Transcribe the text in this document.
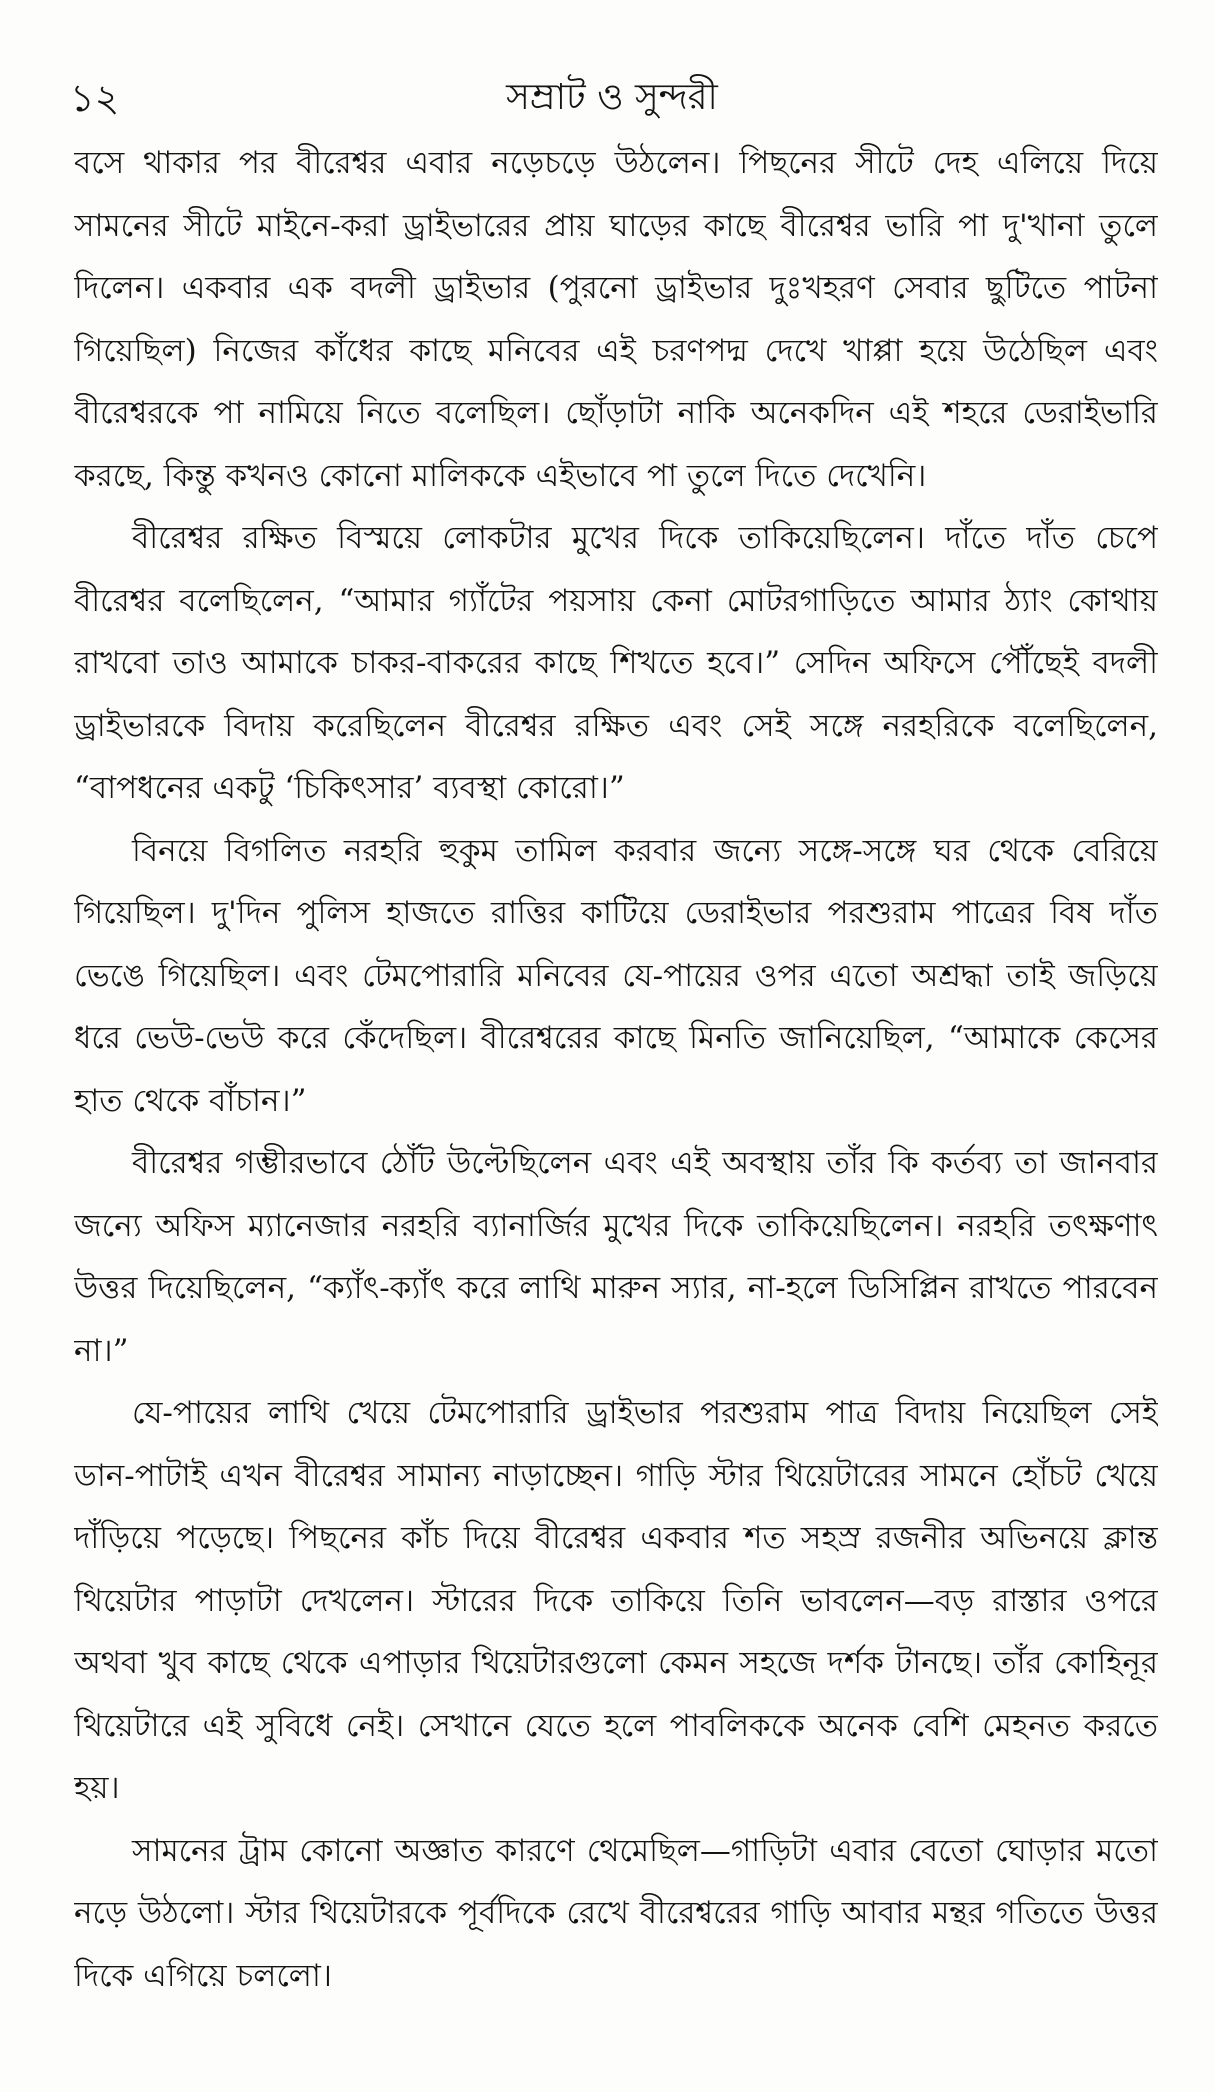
১২	সম্রাট ও সুন্দরী

বসে থাকার পর বীরেশ্বর এবার নড়েচড়ে উঠলেন। পিছনের সীটে দেহ এলিয়ে দিয়ে সামনের সীটে মাইনে-করা ড্রাইভারের প্রায় ঘাড়ের কাছে বীরেশ্বর ভারি পা দু'খানা তুলে দিলেন। একবার এক বদলী ড্রাইভার (পুরনো ড্রাইভার দুঃখহরণ সেবার ছুটিতে পাটনা গিয়েছিল) নিজের কাঁধের কাছে মনিবের এই চরণপদ্ম দেখে খাপ্পা হয়ে উঠেছিল এবং বীরেশ্বরকে পা নামিয়ে নিতে বলেছিল। ছোঁড়াটা নাকি অনেকদিন এই শহরে ডেরাইভারি করছে, কিন্তু কখনও কোনো মালিককে এইভাবে পা তুলে দিতে দেখেনি।

বীরেশ্বর রক্ষিত বিস্ময়ে লোকটার মুখের দিকে তাকিয়েছিলেন। দাঁতে দাঁত চেপে বীরেশ্বর বলেছিলেন, “আমার গ্যাঁটের পয়সায় কেনা মোটরগাড়িতে আমার ঠ্যাং কোথায় রাখবো তাও আমাকে চাকর-বাকরের কাছে শিখতে হবে।” সেদিন অফিসে পৌঁছেই বদলী ড্রাইভারকে বিদায় করেছিলেন বীরেশ্বর রক্ষিত এবং সেই সঙ্গে নরহরিকে বলেছিলেন, “বাপধনের একটু ‘চিকিৎসার’ ব্যবস্থা কোরো।”

বিনয়ে বিগলিত নরহরি হুকুম তামিল করবার জন্যে সঙ্গে-সঙ্গে ঘর থেকে বেরিয়ে গিয়েছিল। দু'দিন পুলিস হাজতে রাত্তির কাটিয়ে ডেরাইভার পরশুরাম পাত্রের বিষ দাঁত ভেঙে গিয়েছিল। এবং টেমপোরারি মনিবের যে-পায়ের ওপর এতো অশ্রদ্ধা তাই জড়িয়ে ধরে ভেউ-ভেউ করে কেঁদেছিল। বীরেশ্বরের কাছে মিনতি জানিয়েছিল, “আমাকে কেসের হাত থেকে বাঁচান।”

বীরেশ্বর গম্ভীরভাবে ঠোঁট উল্টেছিলেন এবং এই অবস্থায় তাঁর কি কর্তব্য তা জানবার জন্যে অফিস ম্যানেজার নরহরি ব্যানার্জির মুখের দিকে তাকিয়েছিলেন। নরহরি তৎক্ষণাৎ উত্তর দিয়েছিলেন, “ক্যাঁৎ-ক্যাঁৎ করে লাথি মারুন স্যার, না-হলে ডিসিপ্লিন রাখতে পারবেন না।”

যে-পায়ের লাথি খেয়ে টেমপোরারি ড্রাইভার পরশুরাম পাত্র বিদায় নিয়েছিল সেই ডান-পাটাই এখন বীরেশ্বর সামান্য নাড়াচ্ছেন। গাড়ি স্টার থিয়েটারের সামনে হোঁচট খেয়ে দাঁড়িয়ে পড়েছে। পিছনের কাঁচ দিয়ে বীরেশ্বর একবার শত সহস্র রজনীর অভিনয়ে ক্লান্ত থিয়েটার পাড়াটা দেখলেন। স্টারের দিকে তাকিয়ে তিনি ভাবলেন—বড় রাস্তার ওপরে অথবা খুব কাছে থেকে এপাড়ার থিয়েটারগুলো কেমন সহজে দর্শক টানছে। তাঁর কোহিনূর থিয়েটারে এই সুবিধে নেই। সেখানে যেতে হলে পাবলিককে অনেক বেশি মেহনত করতে হয়।

সামনের ট্রাম কোনো অজ্ঞাত কারণে থেমেছিল—গাড়িটা এবার বেতো ঘোড়ার মতো নড়ে উঠলো। স্টার থিয়েটারকে পূর্বদিকে রেখে বীরেশ্বরের গাড়ি আবার মন্থর গতিতে উত্তর দিকে এগিয়ে চললো।
